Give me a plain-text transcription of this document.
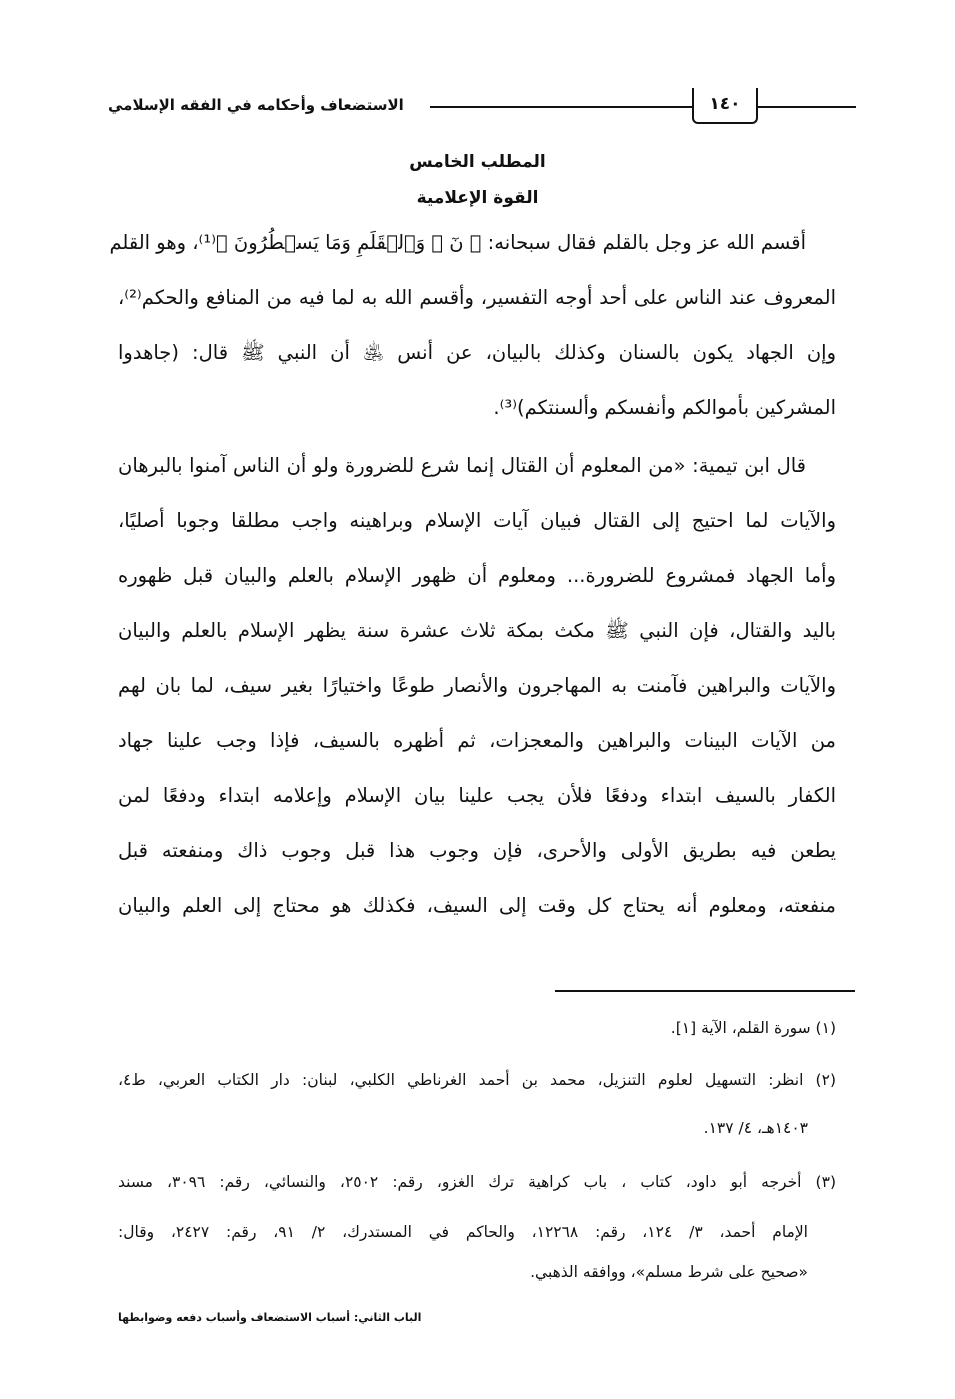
الاستضعاف وأحكامه في الفقه الإسلامي	١٤٠
المطلب الخامس
القوة الإعلامية
أقسم الله عز وجل بالقلم فقال سبحانه: ﴿ نٓ ۚ وَٱلۡقَلَمِ وَمَا يَسۡطُرُونَ ﴾⁽¹⁾، وهو القلم
المعروف عند الناس على أحد أوجه التفسير، وأقسم الله به لما فيه من المنافع والحكم⁽²⁾،
وإن الجهاد يكون بالسنان وكذلك بالبيان، عن أنس ﵁ أن النبي ﷺ قال: (جاهدوا
المشركين بأموالكم وأنفسكم وألسنتكم)⁽³⁾.
قال ابن تيمية: «من المعلوم أن القتال إنما شرع للضرورة ولو أن الناس آمنوا بالبرهان
والآيات لما احتيج إلى القتال فبيان آيات الإسلام وبراهينه واجب مطلقا وجوبا أصليًا،
وأما الجهاد فمشروع للضرورة... ومعلوم أن ظهور الإسلام بالعلم والبيان قبل ظهوره
باليد والقتال، فإن النبي ﷺ مكث بمكة ثلاث عشرة سنة يظهر الإسلام بالعلم والبيان
والآيات والبراهين فآمنت به المهاجرون والأنصار طوعًا واختيارًا بغير سيف، لما بان لهم
من الآيات البينات والبراهين والمعجزات، ثم أظهره بالسيف، فإذا وجب علينا جهاد
الكفار بالسيف ابتداء ودفعًا فلأن يجب علينا بيان الإسلام وإعلامه ابتداء ودفعًا لمن
يطعن فيه بطريق الأولى والأحرى، فإن وجوب هذا قبل وجوب ذاك ومنفعته قبل
منفعته، ومعلوم أنه يحتاج كل وقت إلى السيف، فكذلك هو محتاج إلى العلم والبيان
(١) سورة القلم، الآية [١].
(٢) انظر: التسهيل لعلوم التنزيل، محمد بن أحمد الغرناطي الكلبي، لبنان: دار الكتاب العربي، ط٤،
١٤٠٣هـ، ٤/ ١٣٧.
(٣) أخرجه أبو داود، كتاب ، باب كراهية ترك الغزو، رقم: ٢٥٠٢، والنسائي، رقم: ٣٠٩٦، مسند
الإمام أحمد، ٣/ ١٢٤، رقم: ١٢٢٦٨، والحاكم في المستدرك، ٢/ ٩١، رقم: ٢٤٢٧، وقال:
«صحيح على شرط مسلم»، ووافقه الذهبي.
الباب الثاني: أسباب الاستضعاف وأسباب دفعه وضوابطها
